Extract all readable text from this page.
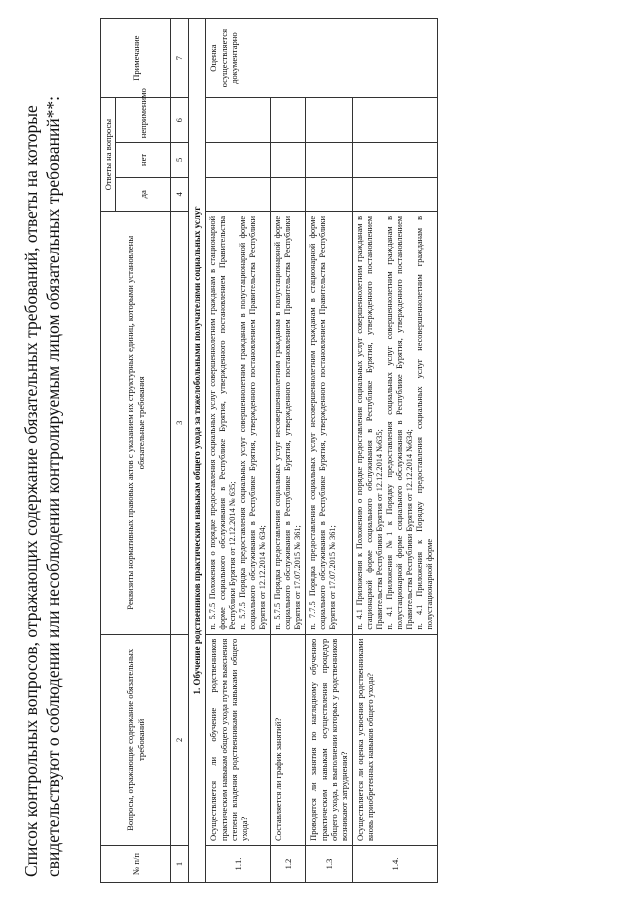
Список контрольных вопросов, отражающих содержание обязательных требований, ответы на которые свидетельствуют о соблюдении или несоблюдении контролируемым лицом обязательных требований**:	№ п/п	Вопросы, отражающие содержание обязательных требований	Реквизиты нормативных правовых актов с указанием их структурных единиц, которыми установлены обязательные требования	Ответы на вопросы			Примечание
			да	нет	неприменимо	
1	2	3	4	5	6	7
1. Обучение родственников практическим навыкам общего ухода за тяжелобольными получателями социальных услуг						
1.1.	Осуществляется ли обучение родственников практическим навыкам общего ухода путем выяснения степени владения родственниками навыками общего ухода?	п. 5.7.5 Положения о порядке предоставления социальных услуг совершеннолетним гражданам в стационарной форме социального обслуживания в Республике Бурятия, утвержденного постановлением Правительства Республики Бурятия от 12.12.2014 № 635;
п. 5.7.5 Порядка предоставления социальных услуг совершеннолетним гражданам в полустационарной форме социального обслуживания в Республике Бурятия, утвержденного постановлением Правительства Республики Бурятия от 12.12.2014 № 634;				Оценка осуществляется документарно
1.2	Составляется ли график занятий?	п. 5.7.5 Порядка предоставления социальных услуг несовершеннолетним гражданам в полустационарной форме социального обслуживания в Республике Бурятия, утвержденного постановлением Правительства Республики Бурятия от 17.07.2015 № 361;				
1.3	Проводятся ли занятия по наглядному обучению практическим навыкам осуществления процедур общего ухода, в выполнении которых у родственников возникают затруднения?	п. 7.7.5 Порядка предоставления социальных услуг несовершеннолетним гражданам в стационарной форме социального обслуживания в Республике Бурятия, утвержденного постановлением Правительства Республики Бурятия от 17.07.2015 № 361;				
1.4.	Осуществляется ли оценка усвоения родственниками вновь приобретенных навыков общего ухода?	п. 4.1 Приложения к Положению о порядке предоставления социальных услуг совершеннолетним гражданам в стационарной форме социального обслуживания в Республике Бурятия, утвержденного постановлением Правительства Республики Бурятия от 12.12.2014 №635;
п. 4.1 Приложения №1 к Порядку предоставления социальных услуг совершеннолетним гражданам в полустационарной форме социального обслуживания в Республике Бурятия, утвержденного постановлением Правительства Республики Бурятия от 12.12.2014 №634;
п. 4.1 Приложения к Порядку предоставления социальных услуг несовершеннолетним гражданам в полустационарной форме				
